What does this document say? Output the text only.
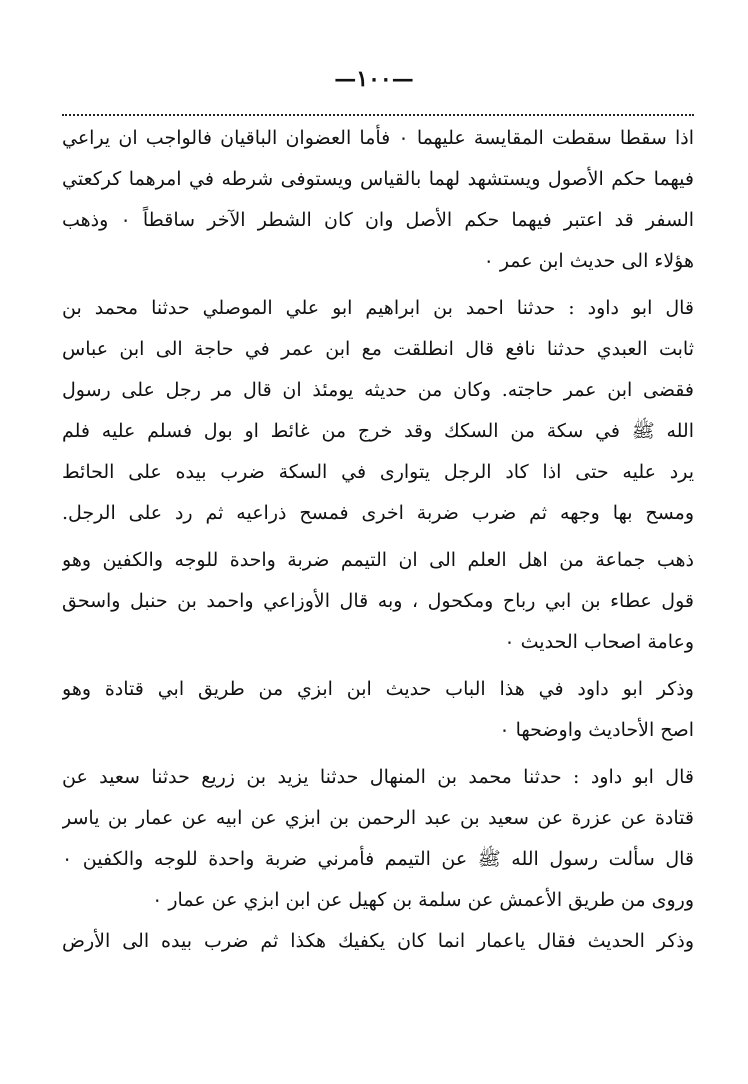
—١٠٠—
اذا سقطا سقطت المقايسة عليهما ٠ فأما العضوان الباقيان فالواجب ان يراعي
فيهما حكم الأصول ويستشهد لهما بالقياس ويستوفى شرطه في امرهما كركعتي
السفر قد اعتبر فيهما حكم الأصل وان كان الشطر الآخر ساقطاً ٠ وذهب
هؤلاء الى حديث ابن عمر ٠
قال ابو داود : حدثنا احمد بن ابراهيم ابو علي الموصلي حدثنا محمد بن
ثابت العبدي حدثنا نافع قال انطلقت مع ابن عمر في حاجة الى ابن عباس
فقضى ابن عمر حاجته. وكان من حديثه يومئذ ان قال مر رجل على رسول
الله ﷺ في سكة من السكك وقد خرج من غائط او بول فسلم عليه فلم
يرد عليه حتى اذا كاد الرجل يتوارى في السكة ضرب بيده على الحائط
ومسح بها وجهه ثم ضرب ضربة اخرى فمسح ذراعيه ثم رد على الرجل.
ذهب جماعة من اهل العلم الى ان التيمم ضربة واحدة للوجه والكفين وهو
قول عطاء بن ابي رباح ومكحول ، وبه قال الأوزاعي واحمد بن حنبل واسحق
وعامة اصحاب الحديث ٠
وذكر ابو داود في هذا الباب حديث ابن ابزي من طريق ابي قتادة وهو
اصح الأحاديث واوضحها ٠
قال ابو داود : حدثنا محمد بن المنهال حدثنا يزيد بن زريع حدثنا سعيد عن
قتادة عن عزرة عن سعيد بن عبد الرحمن بن ابزي عن ابيه عن عمار بن ياسر
قال سألت رسول الله ﷺ عن التيمم فأمرني ضربة واحدة للوجه والكفين ٠
وروى من طريق الأعمش عن سلمة بن كهيل عن ابن ابزي عن عمار ٠
وذكر الحديث فقال ياعمار انما كان يكفيك هكذا ثم ضرب بيده الى الأرض
